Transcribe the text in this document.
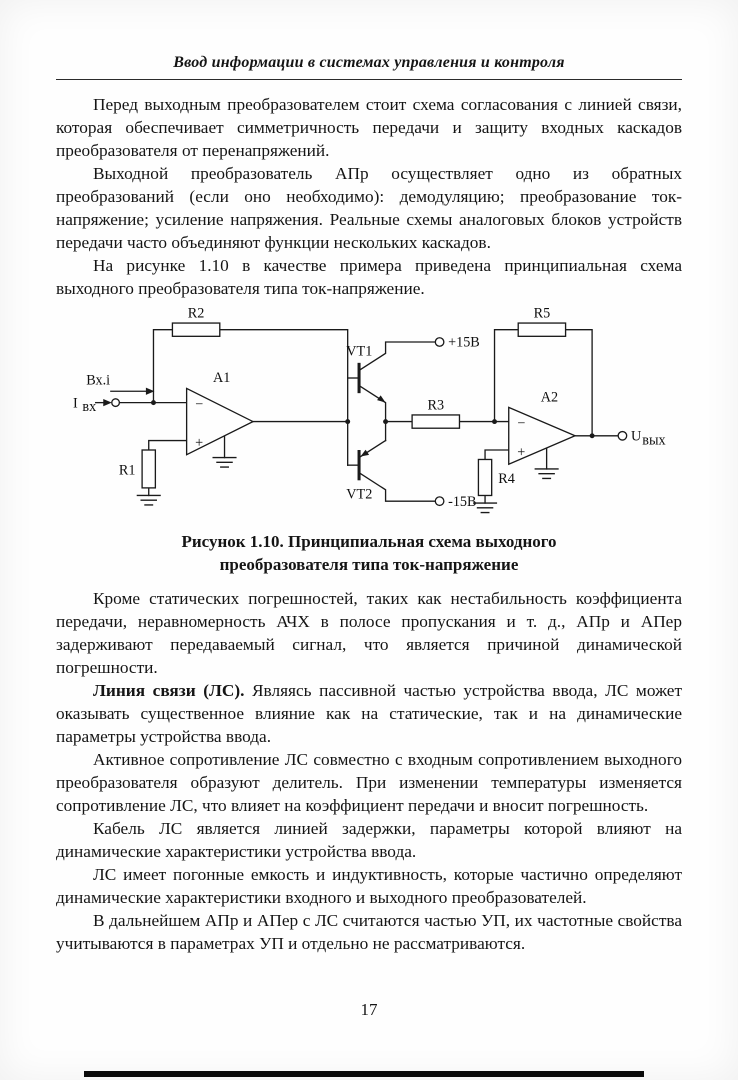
Ввод информации в системах управления и контроля

Перед выходным преобразователем стоит схема согласования с линией связи, которая обеспечивает симметричность передачи и защиту входных каскадов преобразователя от перенапряжений.

Выходной преобразователь АПр осуществляет одно из обратных преобразований (если оно необходимо): демодуляцию; преобразование ток-напряжение; усиление напряжения. Реальные схемы аналоговых блоков устройств передачи часто объединяют функции нескольких каскадов.

На рисунке 1.10 в качестве примера приведена принципиальная схема выходного преобразователя типа ток-напряжение.

R2	R5
R3
R1
R4
А1
А2
VT1
VT2
Вх.i
I вх
+15В
-15В
U вых
−
+
−
+
Рисунок 1.10. Принципиальная схема выходного
преобразователя типа ток-напряжение

Кроме статических погрешностей, таких как нестабильность коэффициента передачи, неравномерность АЧХ в полосе пропускания и т. д., АПр и АПер задерживают передаваемый сигнал, что является причиной динамической погрешности.

Линия связи (ЛС). Являясь пассивной частью устройства ввода, ЛС может оказывать существенное влияние как на статические, так и на динамические параметры устройства ввода.

Активное сопротивление ЛС совместно с входным сопротивлением выходного преобразователя образуют делитель. При изменении температуры изменяется сопротивление ЛС, что влияет на коэффициент передачи и вносит погрешность.

Кабель ЛС является линией задержки, параметры которой влияют на динамические характеристики устройства ввода.

ЛС имеет погонные емкость и индуктивность, которые частично определяют динамические характеристики входного и выходного преобразователей.

В дальнейшем АПр и АПер с ЛС считаются частью УП, их частотные свойства учитываются в параметрах УП и отдельно не рассматриваются.

17
